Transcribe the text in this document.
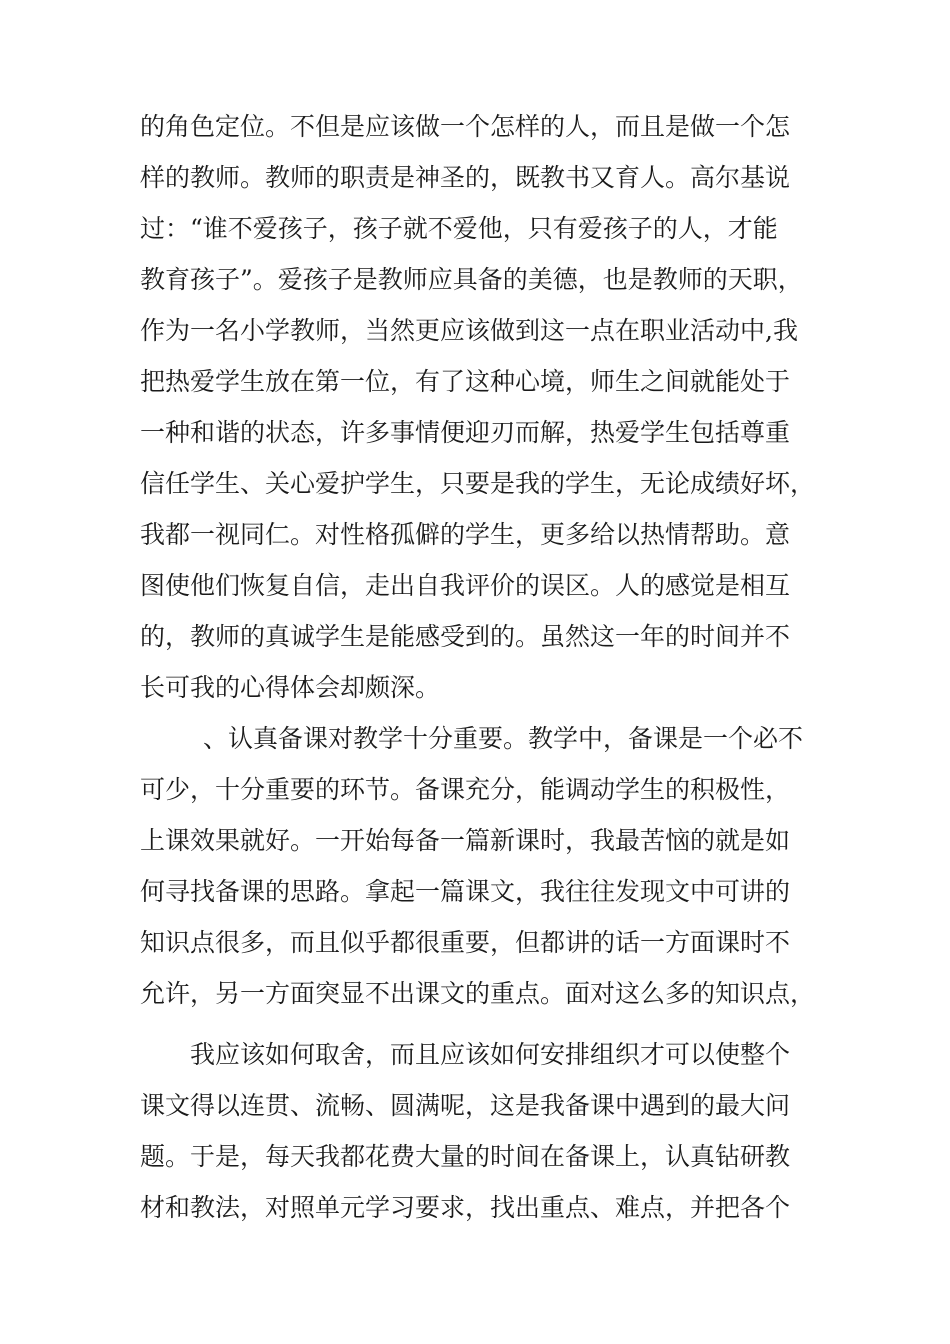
的角色定位。不但是应该做一个怎样的人，而且是做一个怎
样的教师。教师的职责是神圣的，既教书又育人。高尔基说
过：“谁不爱孩子，孩子就不爱他，只有爱孩子的人，才能
教育孩子”。爱孩子是教师应具备的美德，也是教师的天职，
作为一名小学教师，当然更应该做到这一点在职业活动中,我
把热爱学生放在第一位，有了这种心境，师生之间就能处于
一种和谐的状态，许多事情便迎刃而解，热爱学生包括尊重
信任学生、关心爱护学生，只要是我的学生，无论成绩好坏，
我都一视同仁。对性格孤僻的学生，更多给以热情帮助。意
图使他们恢复自信，走出自我评价的误区。人的感觉是相互
的，教师的真诚学生是能感受到的。虽然这一年的时间并不
长可我的心得体会却颇深。
、认真备课对教学十分重要。教学中，备课是一个必不
可少，十分重要的环节。备课充分，能调动学生的积极性，
上课效果就好。一开始每备一篇新课时，我最苦恼的就是如
何寻找备课的思路。拿起一篇课文，我往往发现文中可讲的
知识点很多，而且似乎都很重要，但都讲的话一方面课时不
允许，另一方面突显不出课文的重点。面对这么多的知识点，
我应该如何取舍，而且应该如何安排组织才可以使整个
课文得以连贯、流畅、圆满呢，这是我备课中遇到的最大问
题。于是，每天我都花费大量的时间在备课上，认真钻研教
材和教法，对照单元学习要求，找出重点、难点，并把各个
